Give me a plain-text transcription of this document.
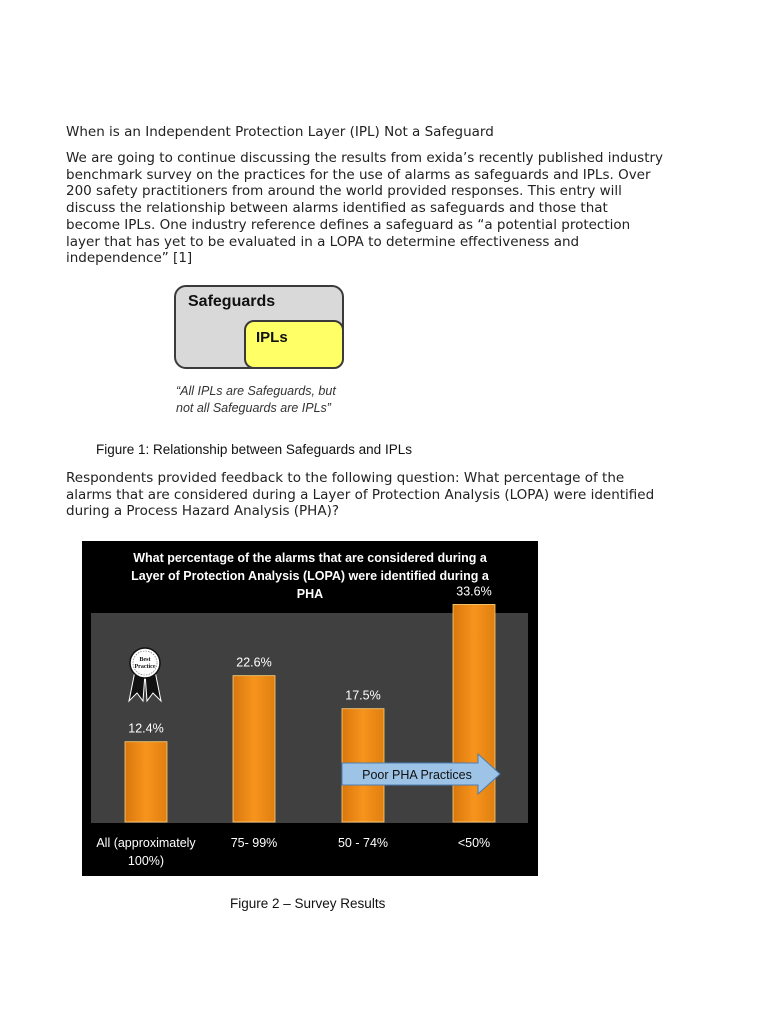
When is an Independent Protection Layer (IPL) Not a Safeguard

We are going to continue discussing the results from exida’s recently published industry
benchmark survey on the practices for the use of alarms as safeguards and IPLs. Over
200 safety practitioners from around the world provided responses. This entry will
discuss the relationship between alarms identified as safeguards and those that
become IPLs. One industry reference defines a safeguard as “a potential protection
layer that has yet to be evaluated in a LOPA to determine effectiveness and
independence” [1]

Safeguards
IPLs
“All IPLs are Safeguards, but
not all Safeguards are IPLs”
Figure 1: Relationship between Safeguards and IPLs

Respondents provided feedback to the following question: What percentage of the
alarms that are considered during a Layer of Protection Analysis (LOPA) were identified
during a Process Hazard Analysis (PHA)?

What percentage of the alarms that are considered during a
Layer of Protection Analysis (LOPA) were identified during a
PHA
12.4%
All (approximately
100%)
22.6%
75- 99%
17.5%
50 - 74%
33.6%
<50%
Poor PHA Practices
Best
Practice
Figure 2 – Survey Results
